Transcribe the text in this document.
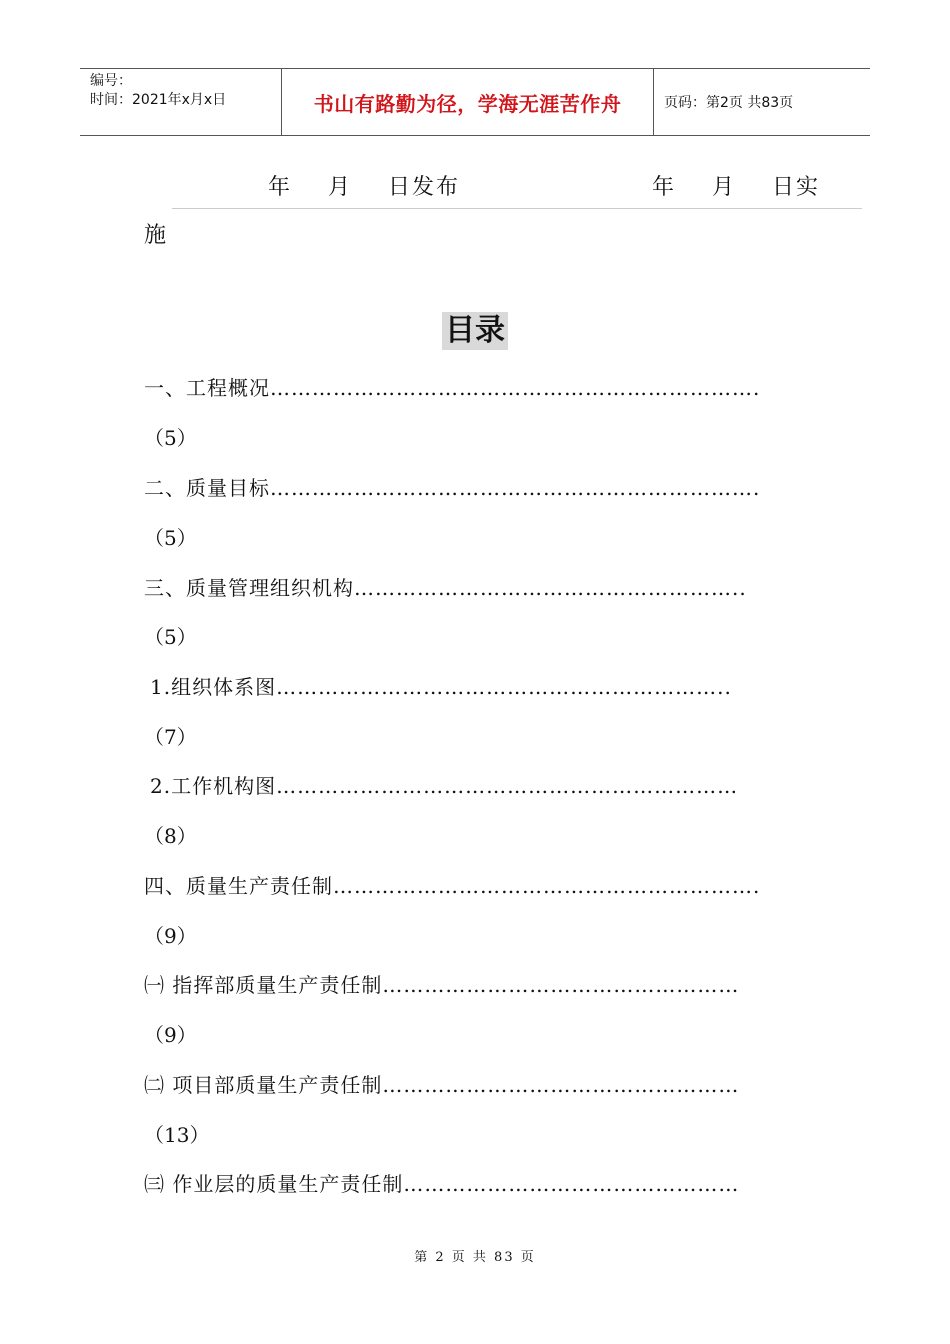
编号：
时间：2021年x月x日	书山有路勤为径，学海无涯苦作舟	页码：第2页 共83页
年    月    日发布	年    月    日实
施
目录
一、工程概况…………………………………………………………….
（5）
二、质量目标…………………………………………………………….
（5）
三、质量管理组织机构………………………………………………..
（5）
1.组织体系图………………………………………………………..
（7）
2.工作机构图…………………………………………………………
（8）
四、质量生产责任制…………………………………………………….
（9）
㈠ 指挥部质量生产责任制……………………………………………
（9）
㈡ 项目部质量生产责任制……………………………………………
（13）
㈢ 作业层的质量生产责任制…………………………………………
第 2 页 共 83 页
